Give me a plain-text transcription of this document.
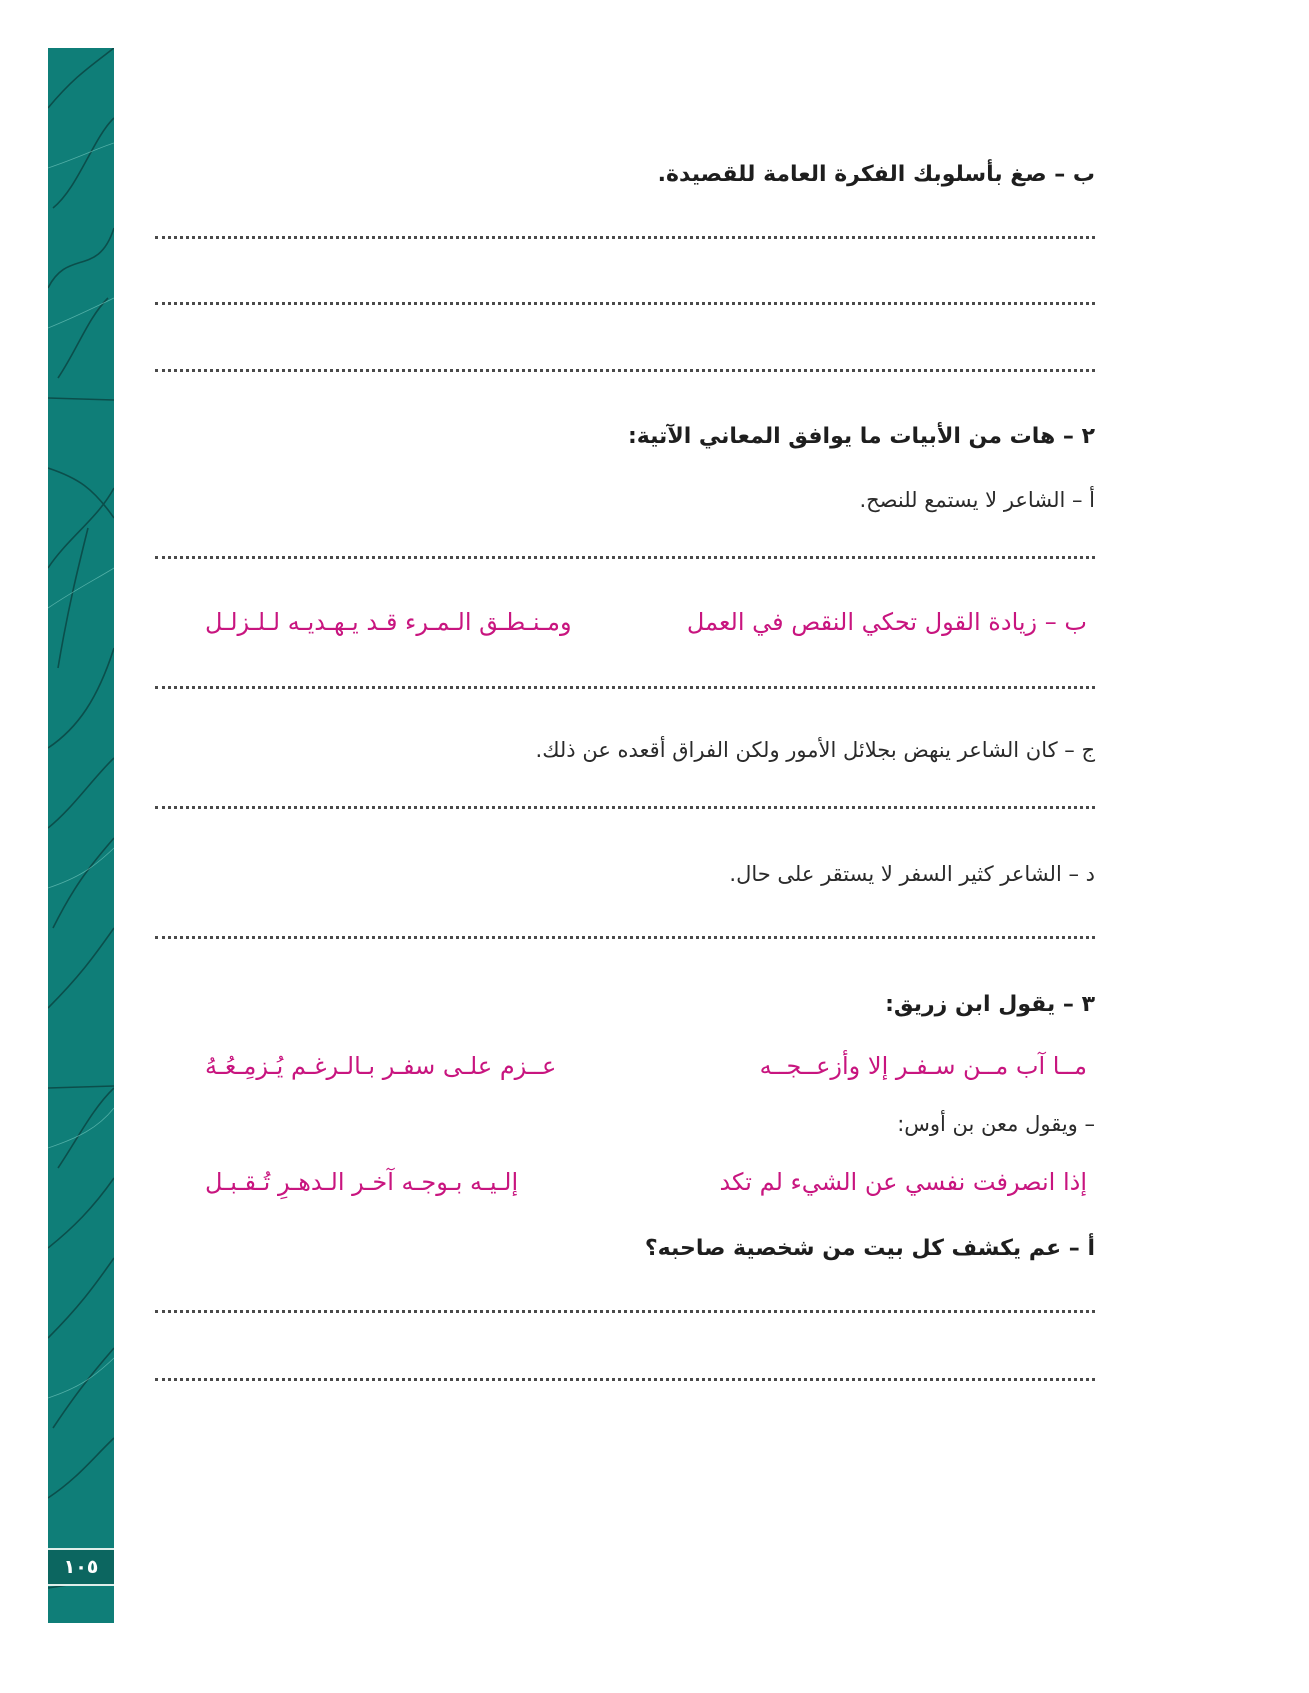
١٠٥
ب – صغ بأسلوبك الفكرة العامة للقصيدة.
٢ – هات من الأبيات ما يوافق المعاني الآتية:
أ – الشاعر لا يستمع للنصح.
ب – زيادة القول تحكي النقص في العمل
ومـنـطـق الـمـرء قـد يـهـديـه لـلـزلـل
ج – كان الشاعر ينهض بجلائل الأمور ولكن الفراق أقعده عن ذلك.
د – الشاعر كثير السفر لا يستقر على حال.
٣ – يقول ابن زريق:
مــا آب مــن سـفـر إلا وأزعــجــه
عــزم علـى سفـر بـالـرغـم يُـزمِـعُـهُ
– ويقول معن بن أوس:
إذا انصرفت نفسي عن الشيء لم تكد
إلـيـه بـوجـه آخـر الـدهـرِ تُـقـبـل
أ – عم يكشف كل بيت من شخصية صاحبه؟
